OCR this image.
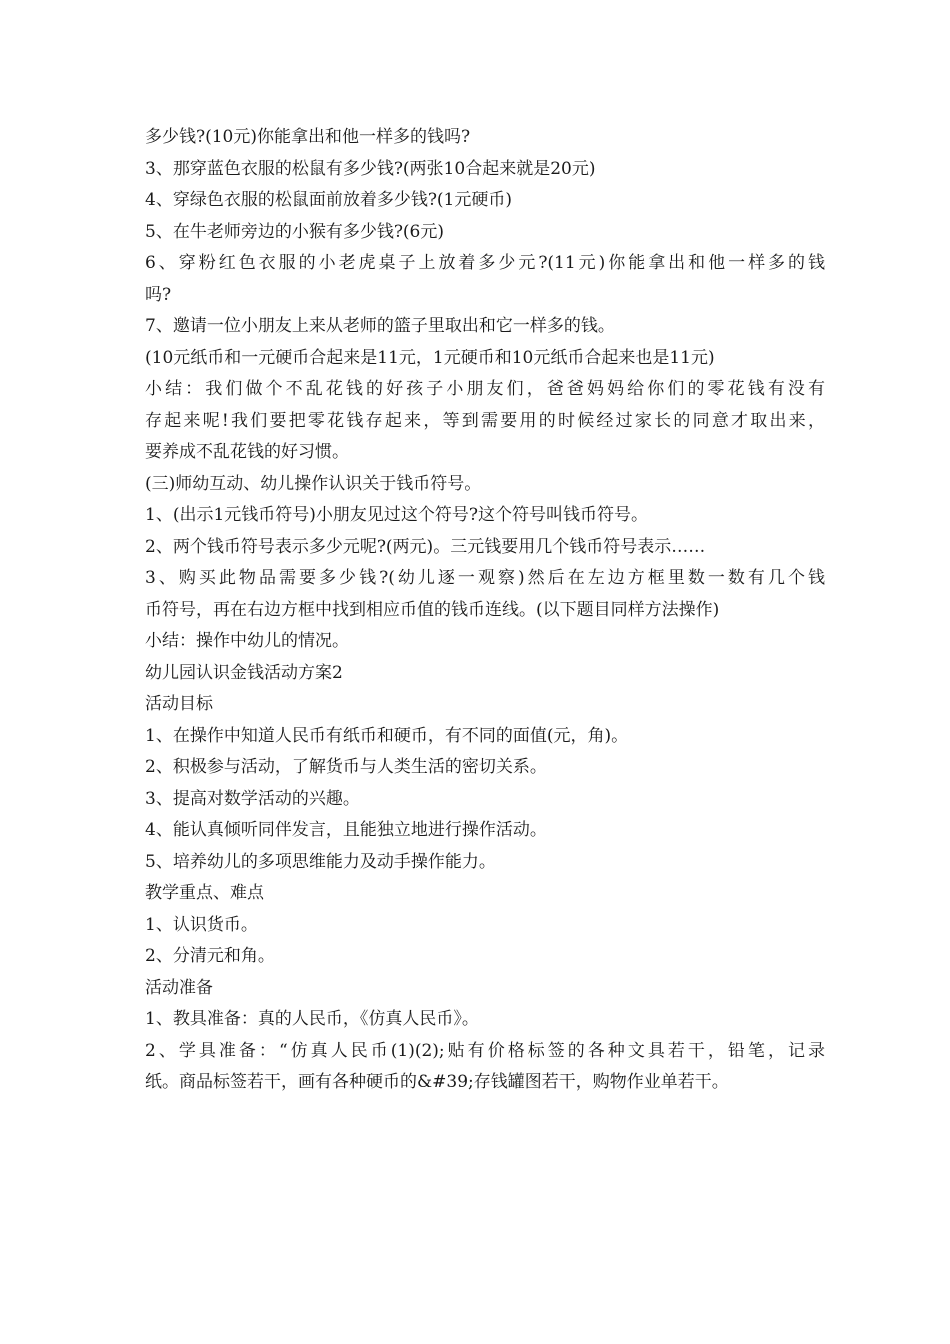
多少钱?(10元)你能拿出和他一样多的钱吗?
3、那穿蓝色衣服的松鼠有多少钱?(两张10合起来就是20元)
4、穿绿色衣服的松鼠面前放着多少钱?(1元硬币)
5、在牛老师旁边的小猴有多少钱?(6元)
6、穿粉红色衣服的小老虎桌子上放着多少元?(11元)你能拿出和他一样多的钱
吗?
7、邀请一位小朋友上来从老师的篮子里取出和它一样多的钱。
(10元纸币和一元硬币合起来是11元，1元硬币和10元纸币合起来也是11元)
小结：我们做个不乱花钱的好孩子小朋友们，爸爸妈妈给你们的零花钱有没有
存起来呢!我们要把零花钱存起来，等到需要用的时候经过家长的同意才取出来，
要养成不乱花钱的好习惯。
(三)师幼互动、幼儿操作认识关于钱币符号。
1、(出示1元钱币符号)小朋友见过这个符号?这个符号叫钱币符号。
2、两个钱币符号表示多少元呢?(两元)。三元钱要用几个钱币符号表示……
3、购买此物品需要多少钱?(幼儿逐一观察)然后在左边方框里数一数有几个钱
币符号，再在右边方框中找到相应币值的钱币连线。(以下题目同样方法操作)
小结：操作中幼儿的情况。
幼儿园认识金钱活动方案2
活动目标
1、在操作中知道人民币有纸币和硬币，有不同的面值(元，角)。
2、积极参与活动，了解货币与人类生活的密切关系。
3、提高对数学活动的兴趣。
4、能认真倾听同伴发言，且能独立地进行操作活动。
5、培养幼儿的多项思维能力及动手操作能力。
教学重点、难点
1、认识货币。
2、分清元和角。
活动准备
1、教具准备：真的人民币，《仿真人民币》。
2、学具准备：“仿真人民币(1)(2);贴有价格标签的各种文具若干，铅笔，记录
纸。商品标签若干，画有各种硬币的&#39;存钱罐图若干，购物作业单若干。
